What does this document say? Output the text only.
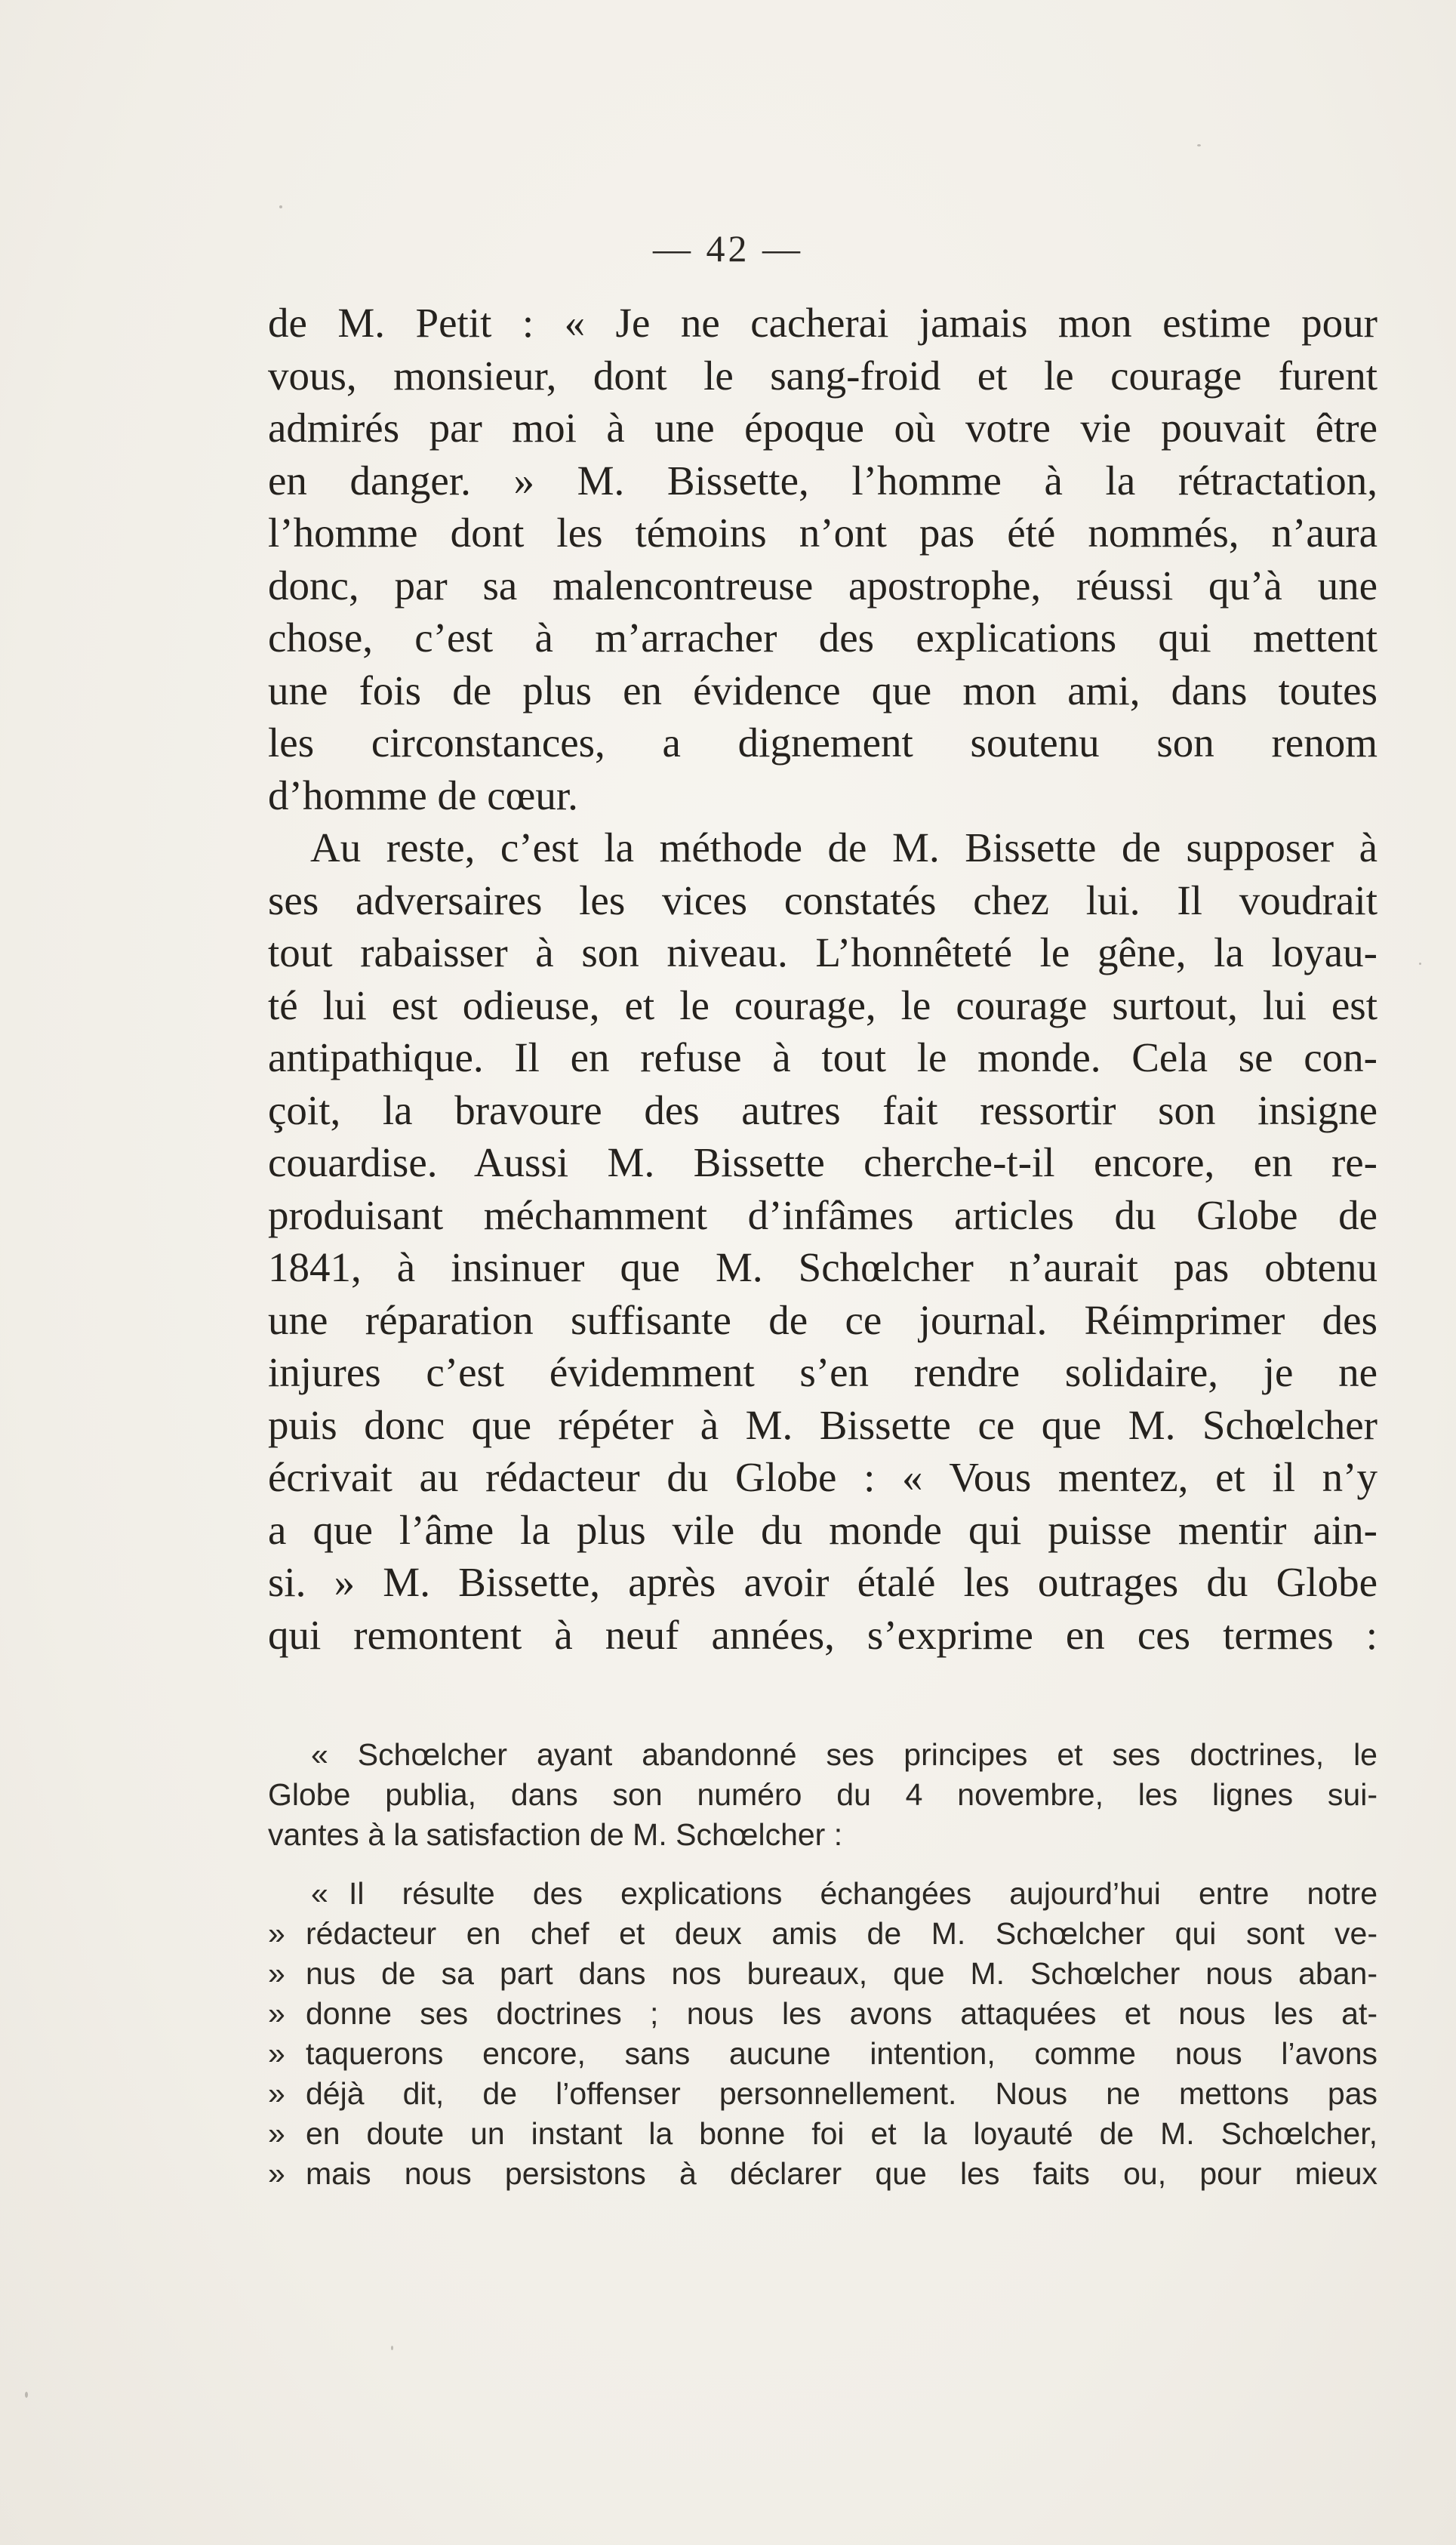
— 42 —
de M. Petit : « Je ne cacherai jamais mon estime pour
vous, monsieur, dont le sang-froid et le courage furent
admirés par moi à une époque où votre vie pouvait être
en danger. » M. Bissette, l’homme à la rétractation,
l’homme dont les témoins n’ont pas été nommés, n’aura
donc, par sa malencontreuse apostrophe, réussi qu’à une
chose, c’est à m’arracher des explications qui mettent
une fois de plus en évidence que mon ami, dans toutes
les circonstances, a dignement soutenu son renom
d’homme de cœur.
Au reste, c’est la méthode de M. Bissette de supposer à
ses adversaires les vices constatés chez lui. Il voudrait
tout rabaisser à son niveau. L’honnêteté le gêne, la loyau-
té lui est odieuse, et le courage, le courage surtout, lui est
antipathique. Il en refuse à tout le monde. Cela se con-
çoit, la bravoure des autres fait ressortir son insigne
couardise. Aussi M. Bissette cherche-t-il encore, en re-
produisant méchamment d’infâmes articles du Globe de
1841, à insinuer que M. Schœlcher n’aurait pas obtenu
une réparation suffisante de ce journal. Réimprimer des
injures c’est évidemment s’en rendre solidaire, je ne
puis donc que répéter à M. Bissette ce que M. Schœlcher
écrivait au rédacteur du Globe : « Vous mentez, et il n’y
a que l’âme la plus vile du monde qui puisse mentir ain-
si. » M. Bissette, après avoir étalé les outrages du Globe
qui remontent à neuf années, s’exprime en ces termes :
« Schœlcher ayant abandonné ses principes et ses doctrines, le
Globe publia, dans son numéro du 4 novembre, les lignes sui-
vantes à la satisfaction de M. Schœlcher :
« Il résulte des explications échangées aujourd’hui entre notre
» rédacteur en chef et deux amis de M. Schœlcher qui sont ve-
» nus de sa part dans nos bureaux, que M. Schœlcher nous aban-
» donne ses doctrines ; nous les avons attaquées et nous les at-
» taquerons encore, sans aucune intention, comme nous l’avons
» déjà dit, de l’offenser personnellement. Nous ne mettons pas
» en doute un instant la bonne foi et la loyauté de M. Schœlcher,
» mais nous persistons à déclarer que les faits ou, pour mieux
